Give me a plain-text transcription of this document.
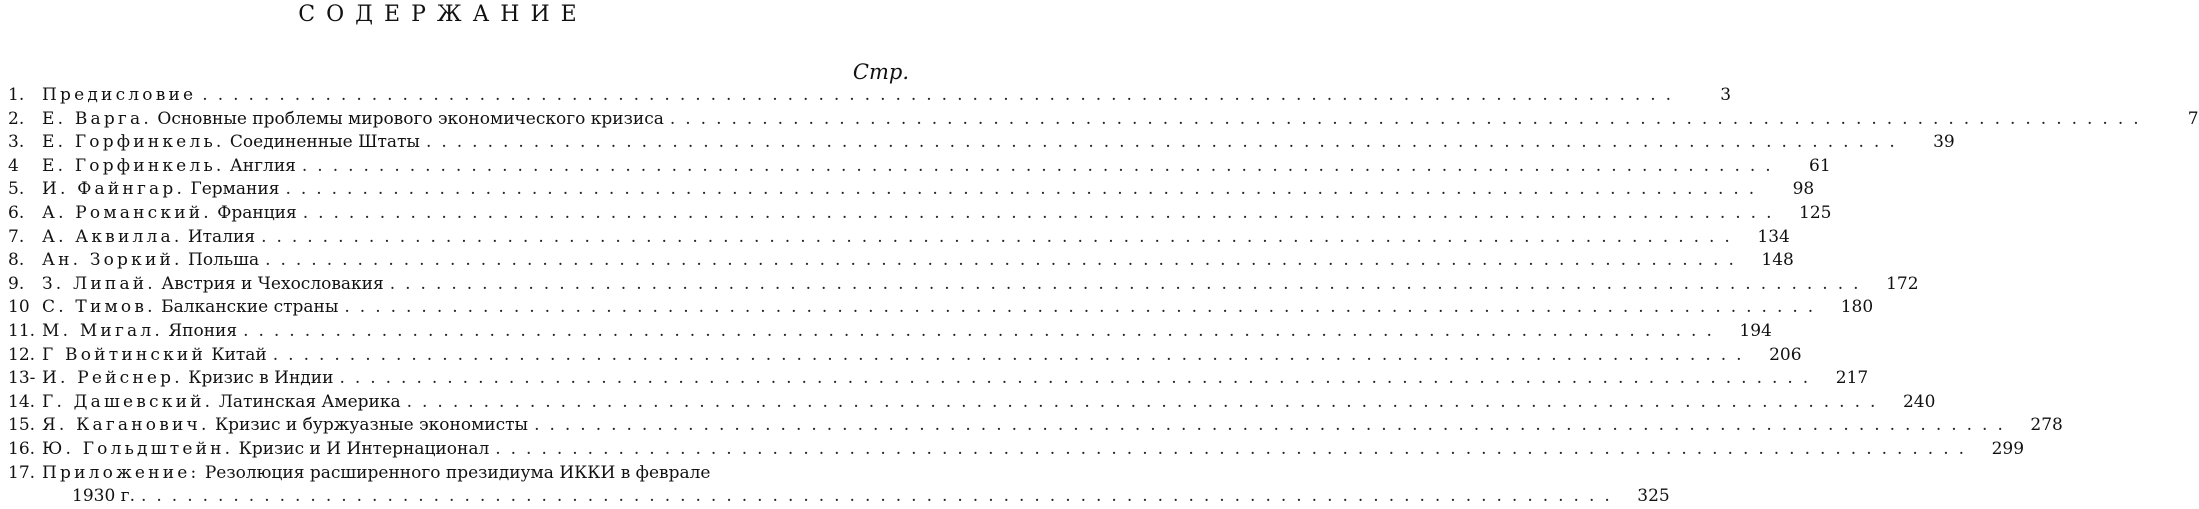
СОДЕРЖАНИЕ
Стр.
1.	Предисловие ................................................................................................	3
2.	Е. Варга. Основные проблемы мирового экономического кризиса ................................................................................................	7
3.	Е. Горфинкель. Соединенные Штаты ................................................................................................	39
4	Е. Горфинкель. Англия ................................................................................................	61
5.	И. Файнгар. Германия ................................................................................................	98
6.	А. Романский. Франция ................................................................................................	125
7.	А. Аквилла. Италия ................................................................................................	134
8.	Ан. Зоркий. Польша ................................................................................................	148
9.	З. Липай. Австрия и Чехословакия ................................................................................................	172
10 С. Тимов. Балканские страны ................................................................................................	180
11. М. Мигал. Япония ................................................................................................	194
12. Г Войтинский Китай ................................................................................................	206
13- И. Рейснер. Кризис в Индии ................................................................................................	217
14. Г. Дашевский. Латинская Америка ................................................................................................	240
15. Я. Каганович. Кризис и буржуазные экономисты ................................................................................................	278
16. Ю. Гольдштейн. Кризис и И Интернационал ................................................................................................	299
17. Приложение: Резолюция расширенного президиума ИККИ в феврале
1930 г. ................................................................................................	325
